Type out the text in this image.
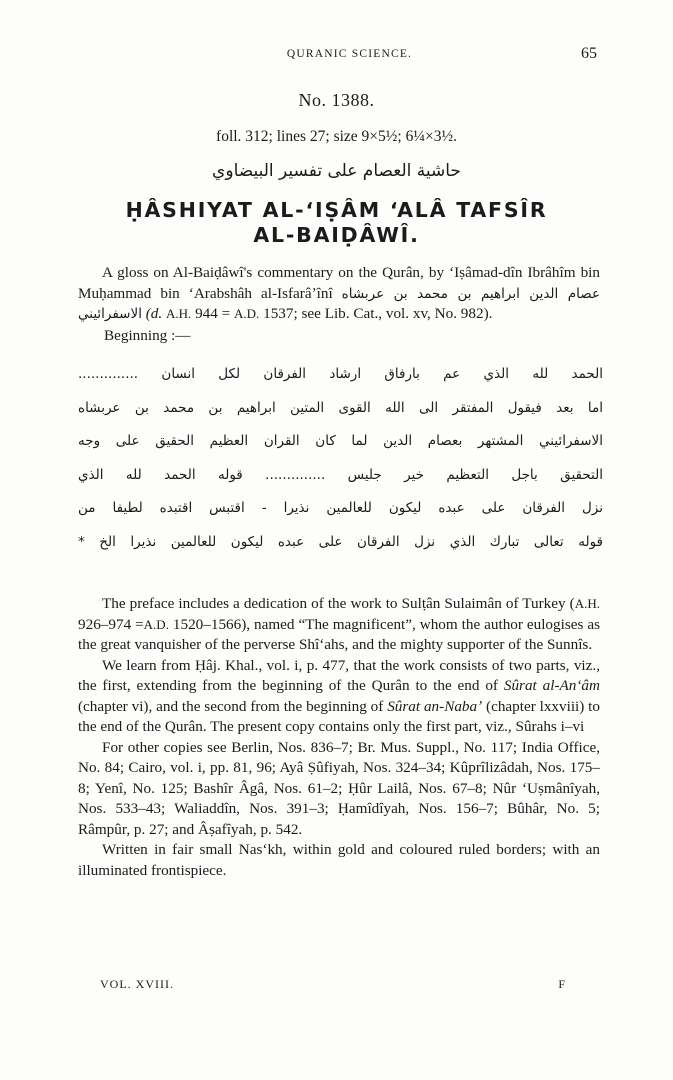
QURANIC SCIENCE.	65
No. 1388.
foll. 312; lines 27; size 9×5½; 6¼×3½.
حاشية العصام على تفسير البيضاوي
ḤÂSHIYAT AL-ʻIṢÂM ʻALÂ TAFSÎR
AL-BAIḌÂWÎ.

A gloss on Al-Baiḍâwî's commentary on the Qurân, by ʻIṣâmad-dîn Ibrâhîm bin Muḥammad bin ʻArabshâh al-Isfarâʼînî عصام الدين ابراهيم بن محمد بن عربشاه الاسفرائيني (d. A.H. 944 = A.D. 1537; see Lib. Cat., vol. xv, No. 982).

Beginning :—
الحمد لله الذي عم بارفاق ارشاد الفرقان لكل انسان ..............
اما بعد فيقول المفتقر الى الله القوى المتين ابراهيم بن محمد بن عربشاه
الاسفرائيني المشتهر بعصام الدين لما كان القران العظيم الحقيق على وجه
التحقيق باجل التعظيم خير جليس .............. قوله الحمد لله الذي
نزل الفرقان على عبده ليكون للعالمين نذيرا - اقتبس اقتبده لطيفا من
قوله تعالى تبارك الذي نزل الفرقان على عبده ليكون للعالمين نذيرا الخ *

The preface includes a dedication of the work to Sulṭân Sulaimân of Turkey (A.H. 926–974 =A.D. 1520–1566), named “The magnificent”, whom the author eulogises as the great vanquisher of the perverse Shîʻahs, and the mighty supporter of the Sunnîs.

We learn from Ḥâj. Khal., vol. i, p. 477, that the work consists of two parts, viz., the first, extending from the beginning of the Qurân to the end of Sûrat al-Anʻâm (chapter vi), and the second from the beginning of Sûrat an-Nabaʼ (chapter lxxviii) to the end of the Qurân. The present copy contains only the first part, viz., Sûrahs i–vi

For other copies see Berlin, Nos. 836–7; Br. Mus. Suppl., No. 117; India Office, No. 84; Cairo, vol. i, pp. 81, 96; Ayâ Ṣûfiyah, Nos. 324–34; Kûprîlizâdah, Nos. 175–8; Yenî, No. 125; Bashîr Âgâ, Nos. 61–2; Ḥûr Lailâ, Nos. 67–8; Nûr ʻUṣmânîyah, Nos. 533–43; Waliaddîn, Nos. 391–3; Ḥamîdîyah, Nos. 156–7; Bûhâr, No. 5; Râmpûr, p. 27; and Âṣafîyah, p. 542.

Written in fair small Nasʻkh, within gold and coloured ruled borders; with an illuminated frontispiece.

VOL. XVIII.	F
